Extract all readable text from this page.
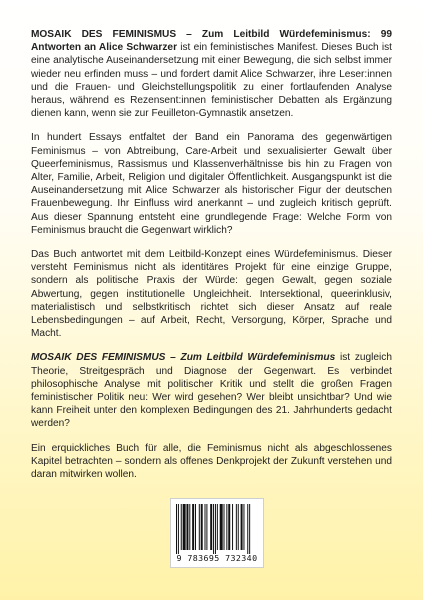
MOSAIK DES FEMINISMUS – Zum Leitbild Würdefeminismus: 99 Antworten an Alice Schwarzer ist ein feministisches Manifest. Dieses Buch ist eine analytische Auseinandersetzung mit einer Bewegung, die sich selbst immer wieder neu erfinden muss – und fordert damit Alice Schwarzer, ihre Leser:innen und die Frauen- und Gleichstellungspolitik zu einer fortlaufenden Analyse heraus, während es Rezensent:innen feministischer Debatten als Ergänzung dienen kann, wenn sie zur Feuilleton-Gymnastik ansetzen.

In hundert Essays entfaltet der Band ein Panorama des gegenwärtigen Feminismus – von Abtreibung, Care-Arbeit und sexualisierter Gewalt über Queerfeminismus, Rassismus und Klassenverhältnisse bis hin zu Fragen von Alter, Familie, Arbeit, Religion und digitaler Öffentlichkeit. Ausgangspunkt ist die Auseinandersetzung mit Alice Schwarzer als historischer Figur der deutschen Frauenbewegung. Ihr Einfluss wird anerkannt – und zugleich kritisch geprüft. Aus dieser Spannung entsteht eine grundlegende Frage: Welche Form von Feminismus braucht die Gegenwart wirklich?

Das Buch antwortet mit dem Leitbild-Konzept eines Würdefeminismus. Dieser versteht Feminismus nicht als identitäres Projekt für eine einzige Gruppe, sondern als politische Praxis der Würde: gegen Gewalt, gegen soziale Abwertung, gegen institutionelle Ungleichheit. Intersektional, queerinklusiv, materialistisch und selbstkritisch richtet sich dieser Ansatz auf reale Lebensbedingungen – auf Arbeit, Recht, Versorgung, Körper, Sprache und Macht.

MOSAIK DES FEMINISMUS – Zum Leitbild Würdefeminismus ist zugleich Theorie, Streitgespräch und Diagnose der Gegenwart. Es verbindet philosophische Analyse mit politischer Kritik und stellt die großen Fragen feministischer Politik neu: Wer wird gesehen? Wer bleibt unsichtbar? Und wie kann Freiheit unter den komplexen Bedingungen des 21. Jahrhunderts gedacht werden?

Ein erquickliches Buch für alle, die Feminismus nicht als abgeschlossenes Kapitel betrachten – sondern als offenes Denkprojekt der Zukunft verstehen und daran mitwirken wollen.

9 783695 732340
